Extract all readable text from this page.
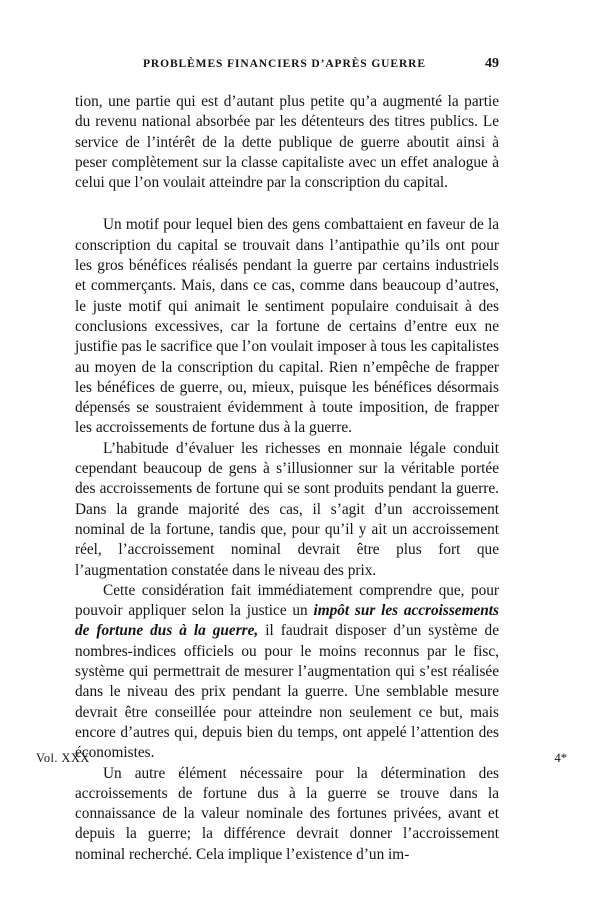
PROBLÈMES FINANCIERS D’APRÈS GUERRE	49

tion, une partie qui est d’autant plus petite qu’a augmenté la partie du revenu national absorbée par les détenteurs des titres publics. Le service de l’intérêt de la dette publique de guerre aboutit ainsi à peser complètement sur la classe capitaliste avec un effet analogue à celui que l’on voulait atteindre par la conscription du capital.

Un motif pour lequel bien des gens combattaient en faveur de la conscription du capital se trouvait dans l’antipathie qu’ils ont pour les gros bénéfices réalisés pendant la guerre par certains industriels et commerçants. Mais, dans ce cas, comme dans beaucoup d’autres, le juste motif qui animait le sentiment populaire conduisait à des conclusions excessives, car la fortune de certains d’entre eux ne justifie pas le sacrifice que l’on voulait imposer à tous les capitalistes au moyen de la conscription du capital. Rien n’empêche de frapper les bénéfices de guerre, ou, mieux, puisque les bénéfices désormais dépensés se soustraient évidemment à toute imposition, de frapper les accroissements de fortune dus à la guerre.

L’habitude d’évaluer les richesses en monnaie légale conduit cependant beaucoup de gens à s’illusionner sur la véritable portée des accroissements de fortune qui se sont produits pendant la guerre. Dans la grande majorité des cas, il s’agit d’un accroissement nominal de la fortune, tandis que, pour qu’il y ait un accroissement réel, l’accroissement nominal devrait être plus fort que l’augmentation constatée dans le niveau des prix.

Cette considération fait immédiatement comprendre que, pour pouvoir appliquer selon la justice un impôt sur les accroissements de fortune dus à la guerre, il faudrait disposer d’un système de nombres-indices officiels ou pour le moins reconnus par le fisc, système qui permettrait de mesurer l’augmentation qui s’est réalisée dans le niveau des prix pendant la guerre. Une semblable mesure devrait être conseillée pour atteindre non seulement ce but, mais encore d’autres qui, depuis bien du temps, ont appelé l’attention des économistes.

Un autre élément nécessaire pour la détermination des accroissements de fortune dus à la guerre se trouve dans la connaissance de la valeur nominale des fortunes privées, avant et depuis la guerre; la différence devrait donner l’accroissement nominal recherché. Cela implique l’existence d’un im-

Vol. XXX	4*
